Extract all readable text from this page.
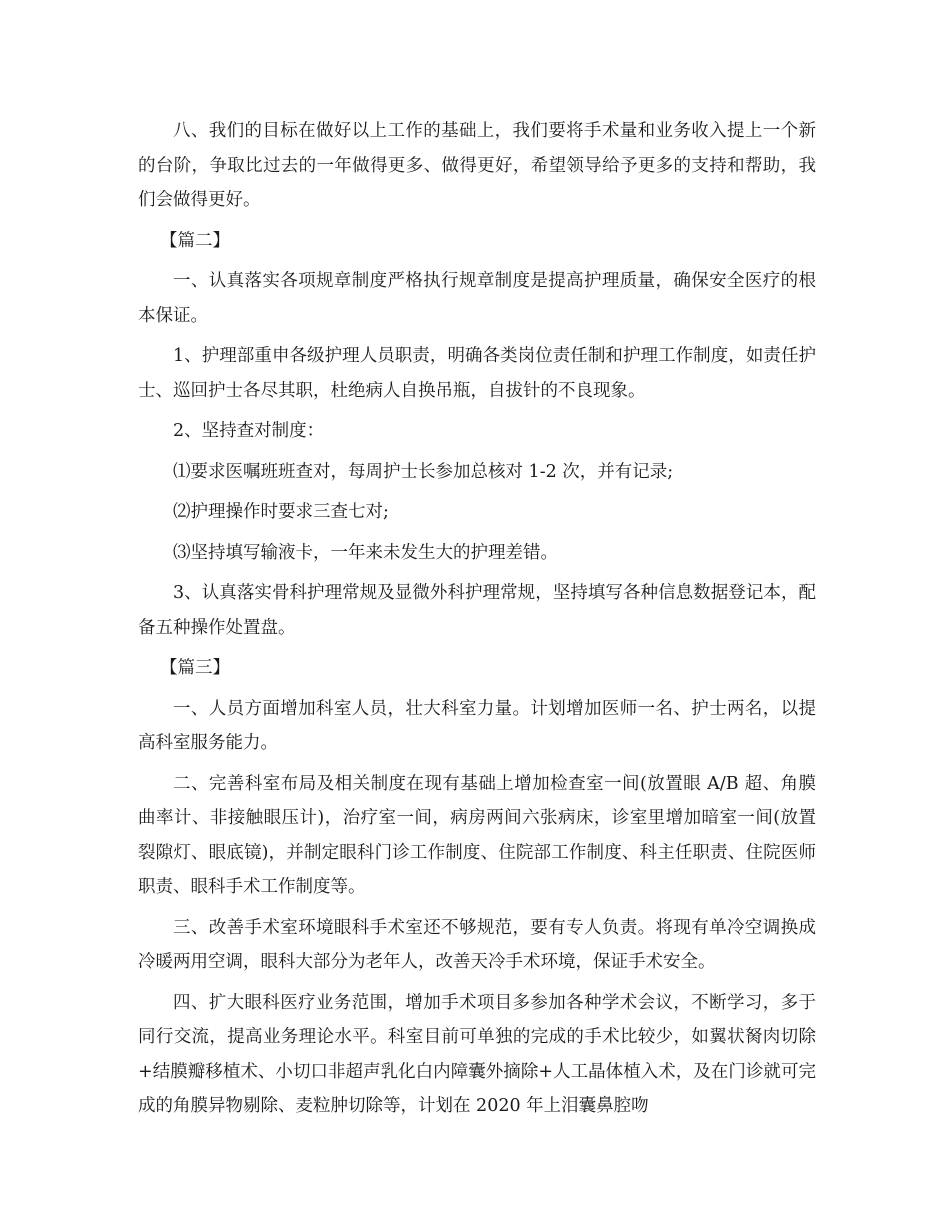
八、我们的目标在做好以上工作的基础上，我们要将手术量和业务收入提上一个新的台阶，争取比过去的一年做得更多、做得更好，希望领导给予更多的支持和帮助，我们会做得更好。

【篇二】

一、认真落实各项规章制度严格执行规章制度是提高护理质量，确保安全医疗的根本保证。

1、护理部重申各级护理人员职责，明确各类岗位责任制和护理工作制度，如责任护士、巡回护士各尽其职，杜绝病人自换吊瓶，自拔针的不良现象。

2、坚持查对制度：

⑴要求医嘱班班查对，每周护士长参加总核对 1-2 次，并有记录;

⑵护理操作时要求三查七对;

⑶坚持填写输液卡，一年来未发生大的护理差错。

3、认真落实骨科护理常规及显微外科护理常规，坚持填写各种信息数据登记本，配备五种操作处置盘。

【篇三】

一、人员方面增加科室人员，壮大科室力量。计划增加医师一名、护士两名，以提高科室服务能力。

二、完善科室布局及相关制度在现有基础上增加检查室一间(放置眼 A/B 超、角膜曲率计、非接触眼压计)，治疗室一间，病房两间六张病床，诊室里增加暗室一间(放置裂隙灯、眼底镜)，并制定眼科门诊工作制度、住院部工作制度、科主任职责、住院医师职责、眼科手术工作制度等。

三、改善手术室环境眼科手术室还不够规范，要有专人负责。将现有单冷空调换成冷暖两用空调，眼科大部分为老年人，改善天冷手术环境，保证手术安全。

四、扩大眼科医疗业务范围，增加手术项目多参加各种学术会议，不断学习，多于同行交流，提高业务理论水平。科室目前可单独的完成的手术比较少，如翼状胬肉切除+结膜瓣移植术、小切口非超声乳化白内障囊外摘除+人工晶体植入术，及在门诊就可完成的角膜异物剔除、麦粒肿切除等，计划在 2020 年上泪囊鼻腔吻
